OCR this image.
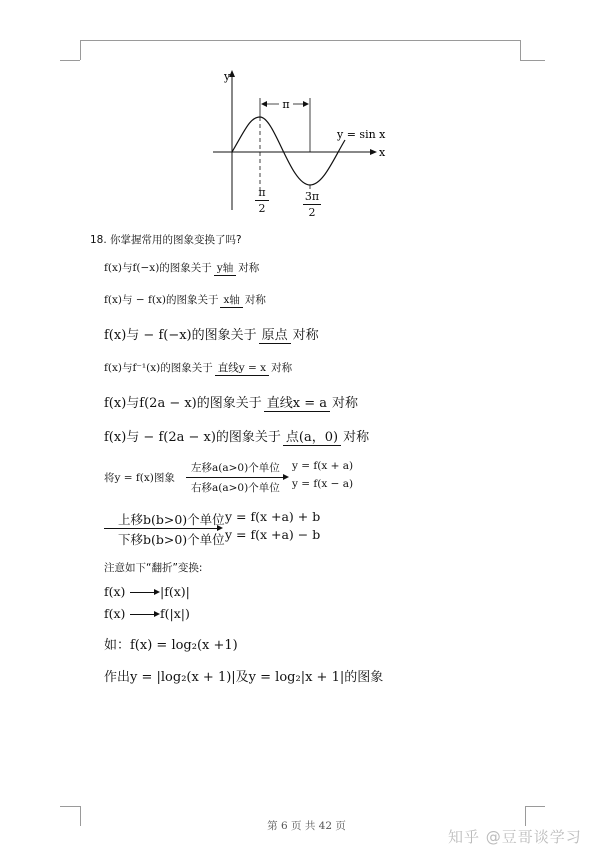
π
y
x
y = sin x
π
2
3π
2
18. 你掌握常用的图象变换了吗?
f(x)与f(−x)的图象关于 y轴 对称
f(x)与 − f(x)的图象关于 x轴 对称
f(x)与 − f(−x)的图象关于 原点 对称
f(x)与f⁻¹(x)的图象关于 直线y = x 对称
f(x)与f(2a − x)的图象关于 直线x = a 对称
f(x)与 − f(2a − x)的图象关于 点(a，0) 对称
将y = f(x)图象
左移a(a>0)个单位
右移a(a>0)个单位
y = f(x + a)
y = f(x − a)
上移b(b>0)个单位
下移b(b>0)个单位
y = f(x +a) + b
y = f(x +a) − b
注意如下“翻折”变换:
f(x)	|f(x)|
f(x)	f(|x|)
如：f(x) = log₂(x +1)
作出y = |log₂(x + 1)|及y = log₂|x + 1|的图象
第 6 页 共 42 页
知乎 @豆哥谈学习
